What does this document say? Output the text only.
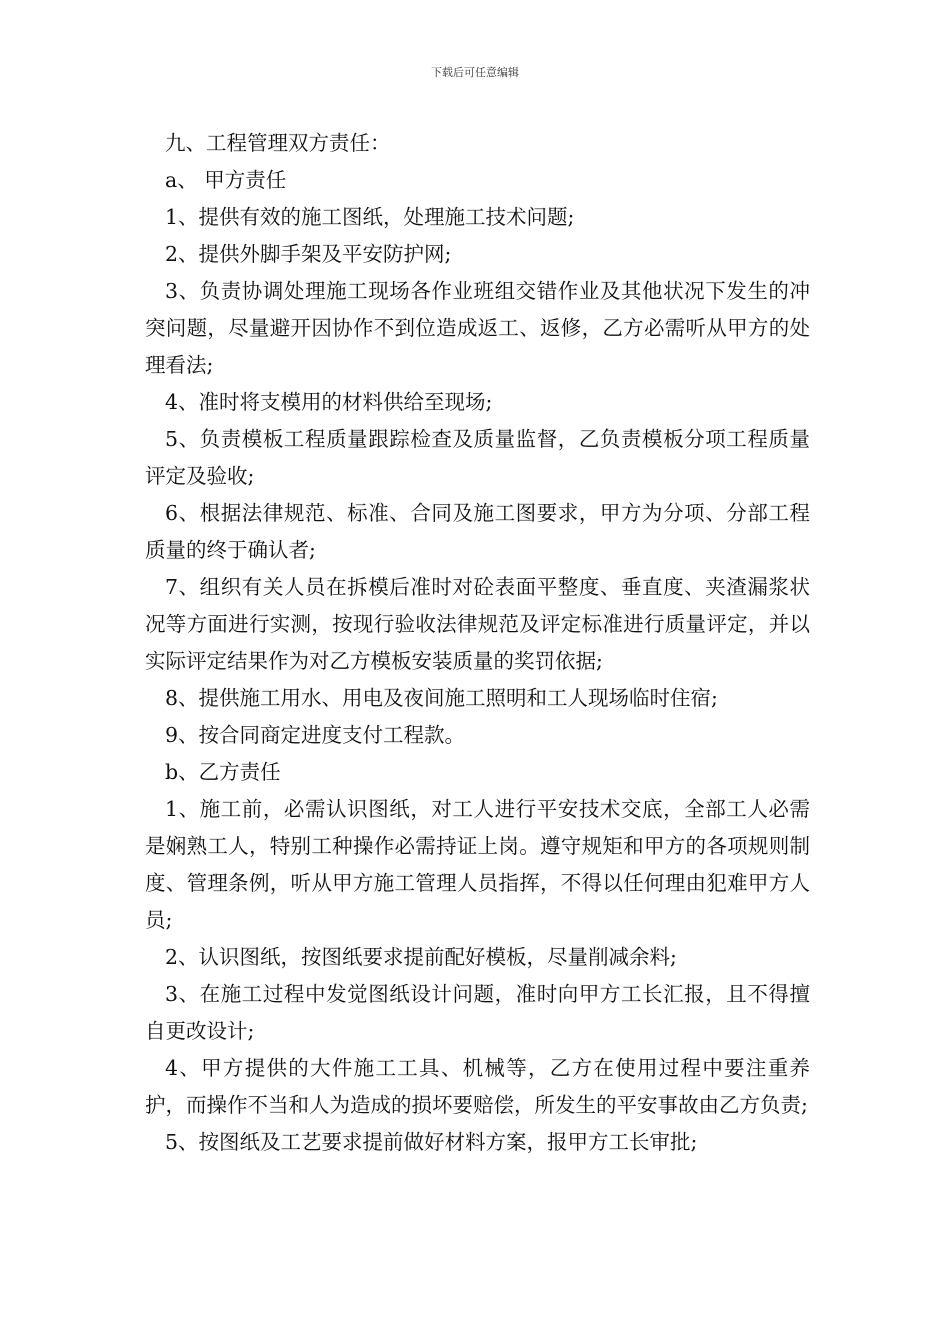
下载后可任意编辑

九、工程管理双方责任：

a、 甲方责任

1、提供有效的施工图纸，处理施工技术问题;

2、提供外脚手架及平安防护网;

3、负责协调处理施工现场各作业班组交错作业及其他状况下发生的冲突问题，尽量避开因协作不到位造成返工、返修，乙方必需听从甲方的处理看法;

4、准时将支模用的材料供给至现场;

5、负责模板工程质量跟踪检查及质量监督，乙负责模板分项工程质量评定及验收;

6、根据法律规范、标准、合同及施工图要求，甲方为分项、分部工程质量的终于确认者;

7、组织有关人员在拆模后准时对砼表面平整度、垂直度、夹渣漏浆状况等方面进行实测，按现行验收法律规范及评定标准进行质量评定，并以实际评定结果作为对乙方模板安装质量的奖罚依据;

8、提供施工用水、用电及夜间施工照明和工人现场临时住宿;

9、按合同商定进度支付工程款。

b、乙方责任

1、施工前，必需认识图纸，对工人进行平安技术交底，全部工人必需是娴熟工人，特别工种操作必需持证上岗。遵守规矩和甲方的各项规则制度、管理条例，听从甲方施工管理人员指挥，不得以任何理由犯难甲方人员;

2、认识图纸，按图纸要求提前配好模板，尽量削减余料;

3、在施工过程中发觉图纸设计问题，准时向甲方工长汇报，且不得擅自更改设计;

4、甲方提供的大件施工工具、机械等，乙方在使用过程中要注重养护，而操作不当和人为造成的损坏要赔偿，所发生的平安事故由乙方负责;

5、按图纸及工艺要求提前做好材料方案，报甲方工长审批;
